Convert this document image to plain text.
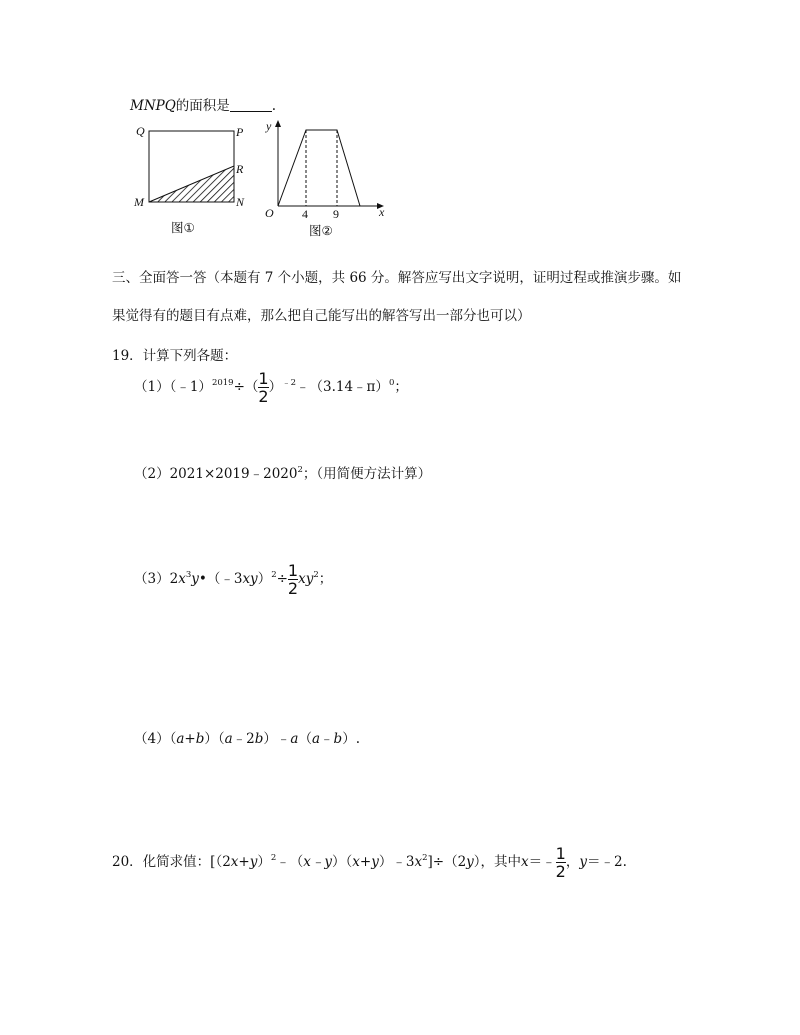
MNPQ的面积是	.
Q	P
R
M	N
图①
y
O 4 9	x
图②
三、全面答一答（本题有 7 个小题，共 66 分。解答应写出文字说明，证明过程或推演步骤。如
果觉得有的题目有点难，那么把自己能写出的解答写出一部分也可以）
19．计算下列各题：
（1）（﹣1）$^{2019}$÷（ $\frac{1}{2}$ ）$^{﹣2}$﹣（3.14﹣π）$^0$；
$(2)2021\times 2019﹣2020^2$；（用简便方法计算）
$(3)2x^3y•(﹣3xy)^2\div \frac{1}{2} xy^2$；
（4）（a+b）（a﹣2b）﹣a（a﹣b）.
20．化简求值：$[(2x+y)^2﹣(x﹣y)(x+y)﹣3x^2]\div(2y)$，其中x＝﹣ $\frac{1}{2}$ ，y＝﹣2.
